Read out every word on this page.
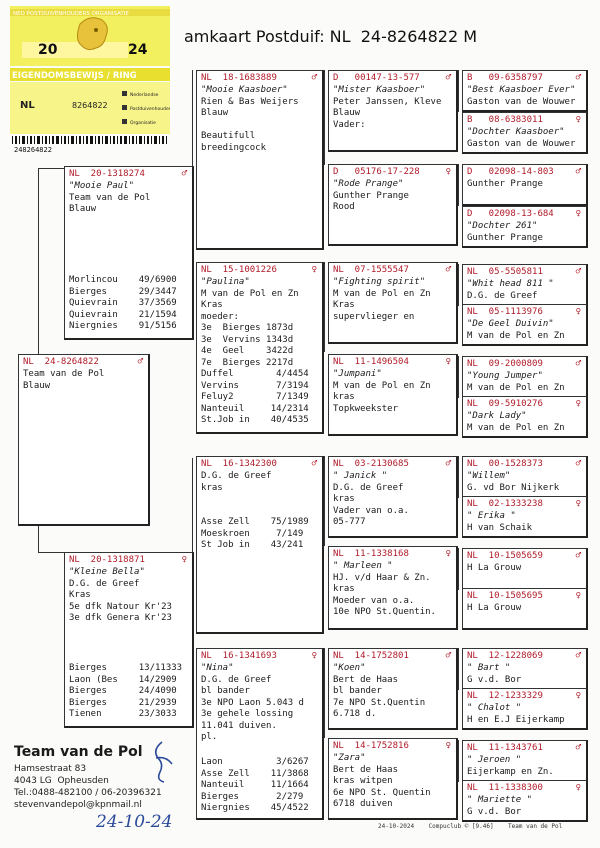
amkaart Postduif: NL  24-8264822 M
NED POSTDUIVENHOUDERS ORGANISATIE
20	24
EIGENDOMSBEWIJS / RING
NL	8264822
Nederlandse
Postduivenhouders
Organisatie
248264822
NL  24-8264822	♂
Team van de Pol
Blauw
NL  20-1318274	♂
"Mooie Paul"
Team van de Pol
Blauw
Morlincou	49/ 6900
Bierges	29/ 3447
Quievrain	37/ 3569
Quievrain	21/ 1594
Niergnies	91/ 5156
NL  20-1318871	♀
"Kleine Bella"
D.G. de Greef
Kras
5e dfk Natour Kr'23
3e dfk Genera Kr'23
Bierges	13/ 11333
Laon (Bes	14/ 2909
Bierges	24/ 4090
Bierges	21/ 2939
Tienen	23/ 3033
NL  18-1683889	♂
"Mooie Kaasboer"
Rien & Bas Weijers
Blauw

Beautifull
breedingcock
NL  15-1001226	♀
"Paulina"
M van de Pol en Zn
Kras
moeder:
3e  Bierges 1873d
3e  Vervins 1343d
4e  Geel    3422d
7e  Bierges 2217d
Duffel	4/ 4454
Vervins	7/ 3194
Feluy2	7/ 1349
Nanteuil	14/ 2314
St.Job in	40/ 4535
NL  16-1342300	♂
D.G. de Greef
kras
Asse Zell	75/ 1989
Moeskroen	7/ 149
St Job in	43/ 241
NL  16-1341693	♀
"Nina"
D.G. de Greef
bl bander
3e NPO Laon 5.043 d
3e gehele lossing
11.041 duiven.
pl.
Laon	3/ 6267
Asse Zell	11/ 3868
Nanteuil	11/ 1664
Bierges	2/ 279
Niergnies	45/ 4522
D   00147-13-577	♂
"Mister Kaasboer"
Peter Janssen, Kleve
Blauw
Vader:
D   05176-17-228	♀
"Rode Prange"
Gunther Prange
Rood
NL  07-1555547	♂
"Fighting spirit"
M van de Pol en Zn
Kras
supervlieger en
NL  11-1496504	♀
"Jumpani"
M van de Pol en Zn
kras
Topkweekster
NL  03-2130685	♂
" Janick "
D.G. de Greef
kras
Vader van o.a.
05-777
NL  11-1338168	♀
" Marleen "
HJ. v/d Haar & Zn.
kras
Moeder van o.a.
10e NPO St.Quentin.
NL  14-1752801	♂
"Koen"
Bert de Haas
bl bander
7e NPO St.Quentin
6.718 d.
NL  14-1752816	♀
"Zara"
Bert de Haas
kras witpen
6e NPO St. Quentin
6718 duiven
B   09-6358797	♂
"Best Kaasboer Ever"
Gaston van de Wouwer
B   08-6383011	♀
"Dochter Kaasboer"
Gaston van de Wouwer
D   02098-14-803 ♂
Gunther Prange
D   02098-13-684 ♀
"Dochter 261"
Gunther Prange
NL  05-5505811	♂
"Whit head 811 "
D.G. de Greef
NL  05-1113976	♀
"De Geel Duivin"
M van de Pol en Zn
NL  09-2000809	♂
"Young Jumper"
M van de Pol en Zn
NL  09-5910276	♀
"Dark Lady"
M van de Pol en Zn
NL  00-1528373	♂
"Willem"
G. vd Bor Nijkerk
NL  02-1333238	♀
" Erika "
H van Schaik
NL  10-1505659	♂
H La Grouw
NL  10-1505695	♀
H La Grouw
NL  12-1228069	♂
" Bart "
G v.d. Bor
NL  12-1233329	♀
" Chalot "
H en E.J Eijerkamp
NL  11-1343761	♂
" Jeroen "
Eijerkamp en Zn.
NL  11-1338300	♀
" Mariette "
G v.d. Bor
Team van de Pol
Hamsestraat 83
4043 LG  Opheusden
Tel.:0488-482100 / 06-20396321
stevenvandepol@kpnmail.nl
24-10-24	24-10-2024    Compuclub © [9.46]    Team van de Pol
